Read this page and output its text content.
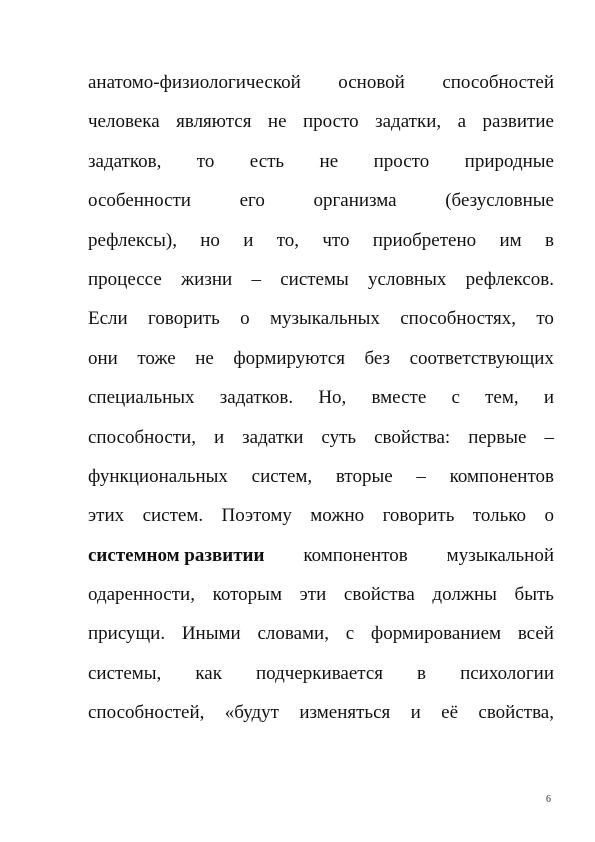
анатомо-физиологической основой способностей
человека являются не просто задатки, а развитие
задатков, то есть не просто природные
особенности	его	организма	(безусловные
рефлексы), но и то, что приобретено им в
процессе жизни – системы условных рефлексов.
Если говорить о музыкальных способностях, то
они тоже не формируются без соответствующих
специальных задатков. Но, вместе с тем, и
способности, и задатки суть свойства: первые –
функциональных систем, вторые – компонентов
этих систем. Поэтому можно говорить только о
системном развитии компонентов музыкальной
одаренности, которым эти свойства должны быть
присущи. Иными словами, с формированием всей
системы, как подчеркивается в психологии
способностей, «будут изменяться и её свойства,
6
